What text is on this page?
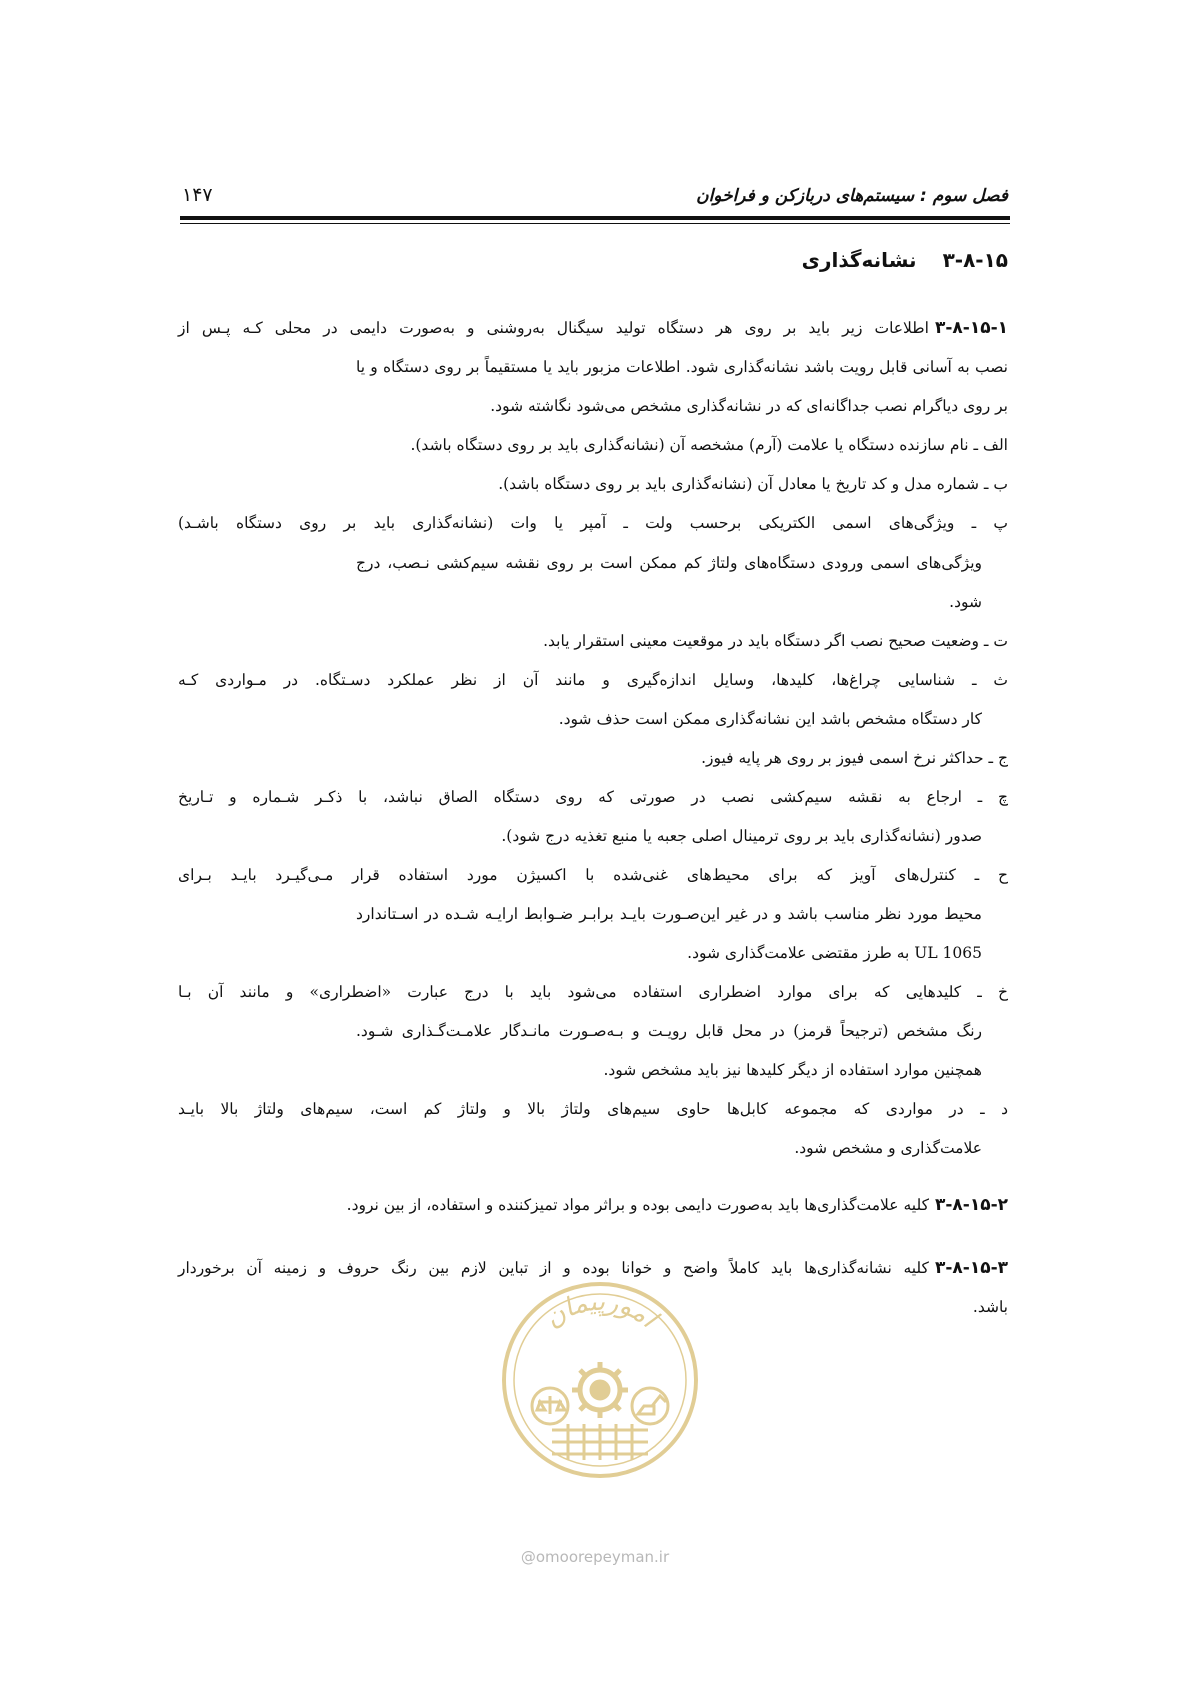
فصل سوم : سیستم‌های دربازکن و فراخوان
۱۴۷
۳-۸-۱۵نشانه‌گذاری
۳-۸-۱۵-۱اطلاعات زیر باید بر روی هر دستگاه تولید سیگنال به‌روشنی و به‌صورت دایمی در محلی کـه پـس از
نصب به آسانی قابل رویت باشد نشانه‌گذاری شود. اطلاعات مزبور باید یا مستقیماً بر روی دستگاه و یا
بر روی دیاگرام نصب جداگانه‌ای که در نشانه‌گذاری مشخص می‌شود نگاشته شود.
الف ـ نام سازنده دستگاه یا علامت (آرم) مشخصه آن (نشانه‌گذاری باید بر روی دستگاه باشد).
ب ـ شماره مدل و کد تاریخ یا معادل آن (نشانه‌گذاری باید بر روی دستگاه باشد).
پ ـ ویژگی‌های اسمی الکتریکی برحسب ولت ـ آمپر یا وات (نشانه‌گذاری باید بر روی دستگاه باشـد)
ویژگی‌های اسمی ورودی دستگاه‌های ولتاژ کم ممکن است بر روی نقشه سیم‌کشی نـصب، درج
شود.
ت ـ وضعیت صحیح نصب اگر دستگاه باید در موقعیت معینی استقرار یابد.
ث ـ شناسایی چراغ‌ها، کلیدها، وسایل اندازه‌گیری و مانند آن از نظر عملکرد دسـتگاه. در مـواردی کـه
کار دستگاه مشخص باشد این نشانه‌گذاری ممکن است حذف شود.
ج ـ حداکثر نرخ اسمی فیوز بر روی هر پایه فیوز.
چ ـ ارجاع به نقشه سیم‌کشی نصب در صورتی که روی دستگاه الصاق نباشد، با ذکـر شـماره و تـاریخ
صدور (نشانه‌گذاری باید بر روی ترمینال اصلی جعبه یا منبع تغذیه درج شود).
ح ـ کنترل‌های آویز که برای محیط‌های غنی‌شده با اکسیژن مورد استفاده قرار مـی‌گیـرد بایـد بـرای
محیط مورد نظر مناسب باشد و در غیر این‌صـورت بایـد برابـر ضـوابط ارایـه شـده در اسـتاندارد
UL 1065 به طرز مقتضی علامت‌گذاری شود.
خ ـ کلیدهایی که برای موارد اضطراری استفاده می‌شود باید با درج عبارت «اضطراری» و مانند آن بـا
رنگ مشخص (ترجیحاً قرمز) در محل قابل رویـت و بـه‌صـورت مانـدگار علامـت‌گـذاری شـود.
همچنین موارد استفاده از دیگر کلیدها نیز باید مشخص شود.
د ـ در مواردی که مجموعه کابل‌ها حاوی سیم‌های ولتاژ بالا و ولتاژ کم است، سیم‌های ولتاژ بالا بایـد
علامت‌گذاری و مشخص شود.
۳-۸-۱۵-۲کلیه علامت‌گذاری‌ها باید به‌صورت دایمی بوده و براثر مواد تمیزکننده و استفاده، از بین نرود.
۳-۸-۱۵-۳کلیه نشانه‌گذاری‌ها باید کاملاً واضح و خوانا بوده و از تباین لازم بین رنگ حروف و زمینه آن برخوردار
باشد.
امورپیمان
@omoorepeyman.ir
